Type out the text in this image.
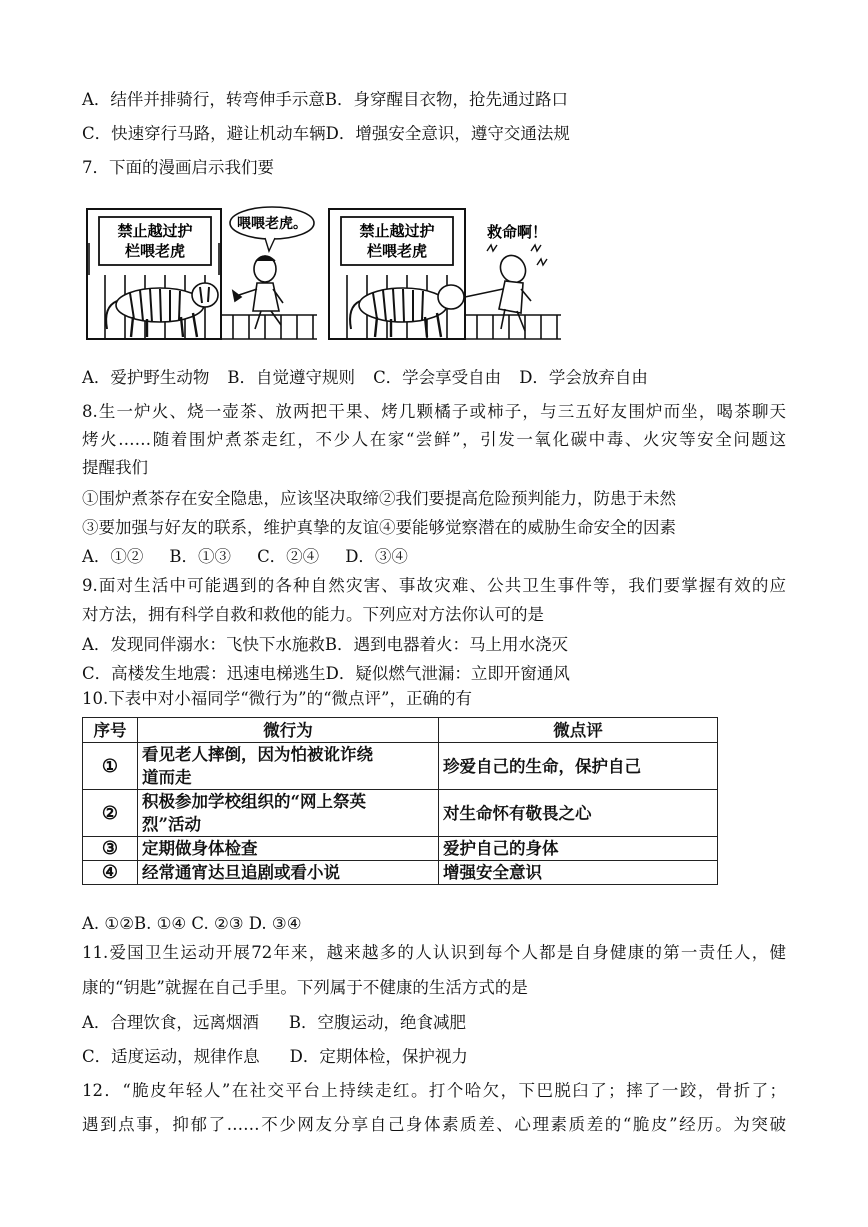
A．结伴并排骑行，转弯伸手示意B．身穿醒目衣物，抢先通过路口
C．快速穿行马路，避让机动车辆D．增强安全意识，遵守交通法规
7．下面的漫画启示我们要
禁止越过护
栏喂老虎
喂喂老虎。	禁止越过护
栏喂老虎
救命啊！
A．爱护野生动物 B．自觉遵守规则 C．学会享受自由 D．学会放弃自由
8.生一炉火、烧一壶茶、放两把干果、烤几颗橘子或柿子，与三五好友围炉而坐，喝茶聊天
烤火……随着围炉煮茶走红，不少人在家“尝鲜”，引发一氧化碳中毒、火灾等安全问题这
提醒我们
①围炉煮茶存在安全隐患，应该坚决取缔②我们要提高危险预判能力，防患于未然
③要加强与好友的联系，维护真挚的友谊④要能够觉察潜在的威胁生命安全的因素
A．①② B．①③ C．②④ D．③④
9.面对生活中可能遇到的各种自然灾害、事故灾难、公共卫生事件等，我们要掌握有效的应
对方法，拥有科学自救和救他的能力。下列应对方法你认可的是
A．发现同伴溺水：飞快下水施救B．遇到电器着火：马上用水浇灭
C．高楼发生地震：迅速电梯逃生D．疑似燃气泄漏：立即开窗通风
10.下表中对小福同学“微行为”的“微点评”，正确的有
序号	微行为	微点评
①	看见老人摔倒，因为怕被讹诈绕
道而走	珍爱自己的生命，保护自己
②	积极参加学校组织的“网上祭英
烈”活动	对生命怀有敬畏之心
③	定期做身体检查	爱护自己的身体
④	经常通宵达旦追剧或看小说	增强安全意识
A. ①②B. ①④ C. ②③ D. ③④
11.爱国卫生运动开展72年来，越来越多的人认识到每个人都是自身健康的第一责任人，健
康的“钥匙”就握在自己手里。下列属于不健康的生活方式的是
A．合理饮食，远离烟酒 B．空腹运动，绝食减肥
C．适度运动，规律作息 D．定期体检，保护视力
12．“脆皮年轻人”在社交平台上持续走红。打个哈欠，下巴脱臼了；摔了一跤，骨折了；
遇到点事，抑郁了……不少网友分享自己身体素质差、心理素质差的“脆皮”经历。为突破
